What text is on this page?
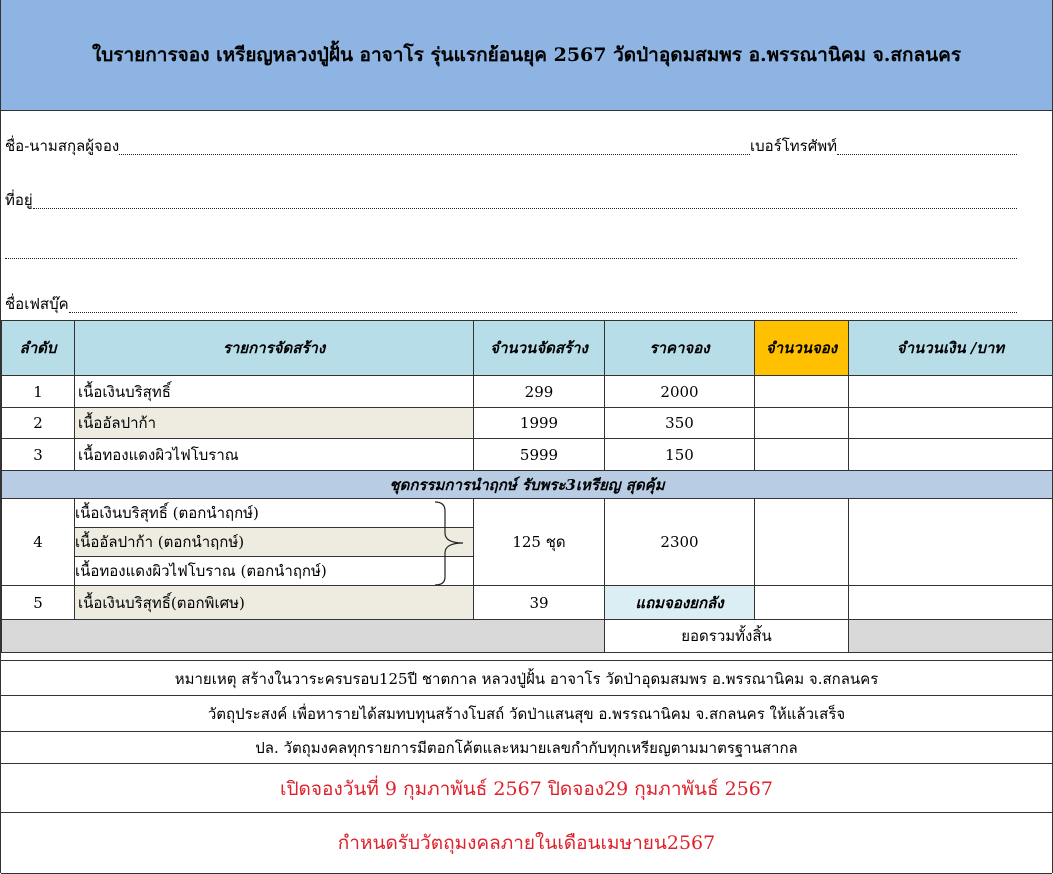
ใบรายการจอง เหรียญหลวงปู่ฝั้น อาจาโร รุ่นแรกย้อนยุค 2567 วัดป่าอุดมสมพร อ.พรรณานิคม จ.สกลนคร
ชื่อ-นามสกุลผู้จอง	เบอร์โทรศัพท์
ที่อยู่
ชื่อเฟสบุ๊ค
ลำดับ	รายการจัดสร้าง	จำนวนจัดสร้าง	ราคาจอง	จำนวนจอง	จำนวนเงิน /บาท
1	เนื้อเงินบริสุทธิ์	299	2000		
2	เนื้ออัลปาก้า	1999	350		
3	เนื้อทองแดงผิวไฟโบราณ	5999	150		
ชุดกรรมการนำฤกษ์ รับพระ3เหรียญ สุดคุ้ม					
4	เนื้อเงินบริสุทธิ์ (ตอกนำฤกษ์)
เนื้ออัลปาก้า (ตอกนำฤกษ์)
เนื้อทองแดงผิวไฟโบราณ (ตอกนำฤกษ์)	125 ชุด	2300		
5	เนื้อเงินบริสุทธิ์(ตอกพิเศษ)	39	แถมจองยกลัง		
			ยอดรวมทั้งสิ้น		
หมายเหตุ สร้างในวาระครบรอบ125ปี ชาตกาล หลวงปู่ฝั้น อาจาโร วัดป่าอุดมสมพร อ.พรรณานิคม จ.สกลนคร
วัตถุประสงค์ เพื่อหารายได้สมทบทุนสร้างโบสถ์ วัดป่าแสนสุข อ.พรรณานิคม จ.สกลนคร ให้แล้วเสร็จ
ปล. วัตถุมงคลทุกรายการมีตอกโค้ตและหมายเลขกำกับทุกเหรียญตามมาตรฐานสากล
เปิดจองวันที่ 9 กุมภาพันธ์ 2567 ปิดจอง29 กุมภาพันธ์ 2567
กำหนดรับวัตถุมงคลภายในเดือนเมษายน2567
